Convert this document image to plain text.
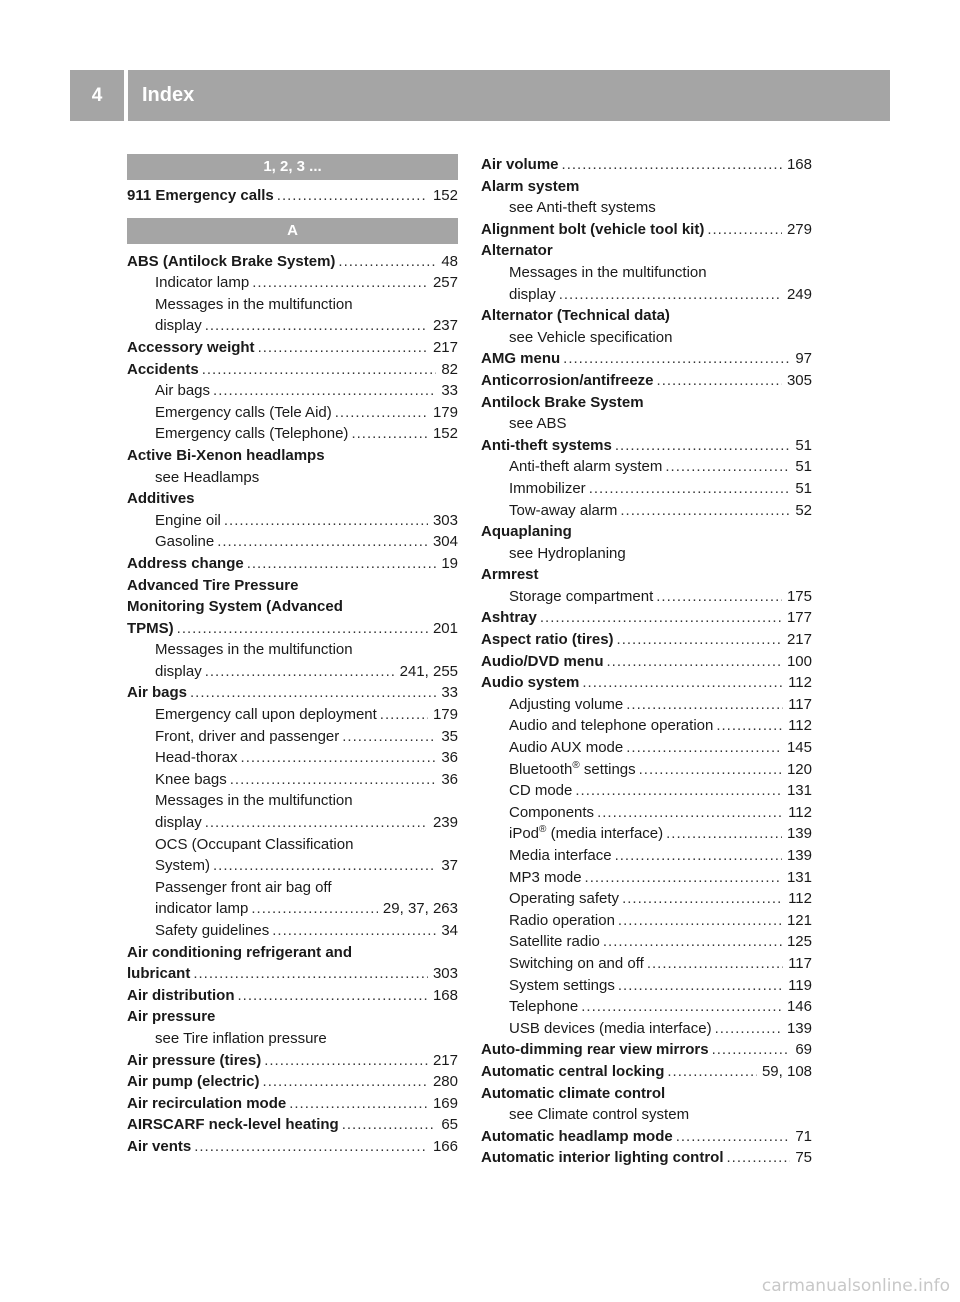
4	Index
1, 2, 3 ...
911 Emergency calls .....	152
A
ABS (Antilock Brake System) .....	48
Indicator lamp .....	257
Messages in the multifunction
display .....	237
Accessory weight .....	217
Accidents .....	82
Air bags .....	33
Emergency calls (Tele Aid) .....	179
Emergency calls (Telephone) .....	152
Active Bi-Xenon headlamps
see Headlamps
Additives
Engine oil .....	303
Gasoline .....	304
Address change .....	19
Advanced Tire Pressure
Monitoring System (Advanced
TPMS) .....	201
Messages in the multifunction
display .....	241, 255
Air bags .....	33
Emergency call upon deployment .....	179
Front, driver and passenger .....	35
Head-thorax .....	36
Knee bags .....	36
Messages in the multifunction
display .....	239
OCS (Occupant Classification
System) .....	37
Passenger front air bag off
indicator lamp .....	29, 37, 263
Safety guidelines .....	34
Air conditioning refrigerant and
lubricant .....	303
Air distribution .....	168
Air pressure
see Tire inflation pressure
Air pressure (tires) .....	217
Air pump (electric) .....	280
Air recirculation mode .....	169
AIRSCARF neck-level heating .....	65
Air vents .....	166
Air volume .....	168
Alarm system
see Anti-theft systems
Alignment bolt (vehicle tool kit) .....	279
Alternator
Messages in the multifunction
display .....	249
Alternator (Technical data)
see Vehicle specification
AMG menu .....	97
Anticorrosion/antifreeze .....	305
Antilock Brake System
see ABS
Anti-theft systems .....	51
Anti-theft alarm system .....	51
Immobilizer .....	51
Tow-away alarm .....	52
Aquaplaning
see Hydroplaning
Armrest
Storage compartment .....	175
Ashtray .....	177
Aspect ratio (tires) .....	217
Audio/DVD menu .....	100
Audio system .....	112
Adjusting volume .....	117
Audio and telephone operation .....	112
Audio AUX mode .....	145
Bluetooth® settings .....	120
CD mode .....	131
Components .....	112
iPod® (media interface) .....	139
Media interface .....	139
MP3 mode .....	131
Operating safety .....	112
Radio operation .....	121
Satellite radio .....	125
Switching on and off .....	117
System settings .....	119
Telephone .....	146
USB devices (media interface) .....	139
Auto-dimming rear view mirrors .....	69
Automatic central locking .....	59, 108
Automatic climate control
see Climate control system
Automatic headlamp mode .....	71
Automatic interior lighting control .....	75
carmanualsonline.info
